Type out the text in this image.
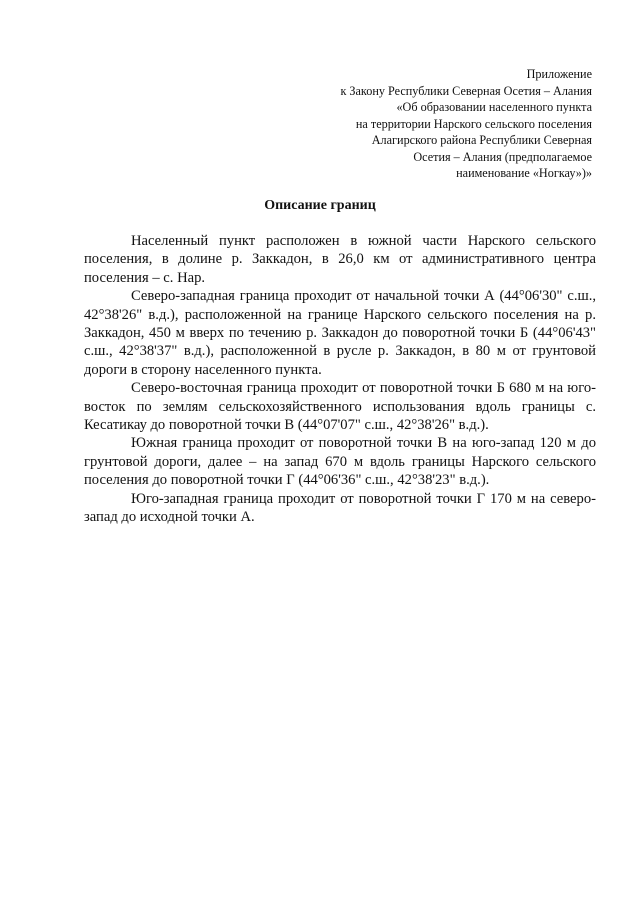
Приложение
к Закону Республики Северная Осетия – Алания
«Об образовании населенного пункта
на территории Нарского сельского поселения
Алагирского района Республики Северная
Осетия – Алания (предполагаемое
наименование «Ногкау»)»
Описание границ

Населенный пункт расположен в южной части Нарского сельского поселения, в долине р. Заккадон, в 26,0 км от административного центра поселения – с. Нар.

Северо-западная граница проходит от начальной точки А (44°06'30" с.ш., 42°38'26" в.д.), расположенной на границе Нарского сельского поселения на р. Заккадон, 450 м вверх по течению р. Заккадон до поворотной точки Б (44°06'43" с.ш., 42°38'37" в.д.), расположенной в русле р. Заккадон, в 80 м от грунтовой дороги в сторону населенного пункта.

Северо-восточная граница проходит от поворотной точки Б 680 м на юго-восток по землям сельскохозяйственного использования вдоль границы с. Кесатикау до поворотной точки В (44°07'07" с.ш., 42°38'26" в.д.).

Южная граница проходит от поворотной точки В на юго-запад 120 м до грунтовой дороги, далее – на запад 670 м вдоль границы Нарского сельского поселения до поворотной точки Г (44°06'36" с.ш., 42°38'23" в.д.).

Юго-западная граница проходит от поворотной точки Г 170 м на северо-запад до исходной точки А.
